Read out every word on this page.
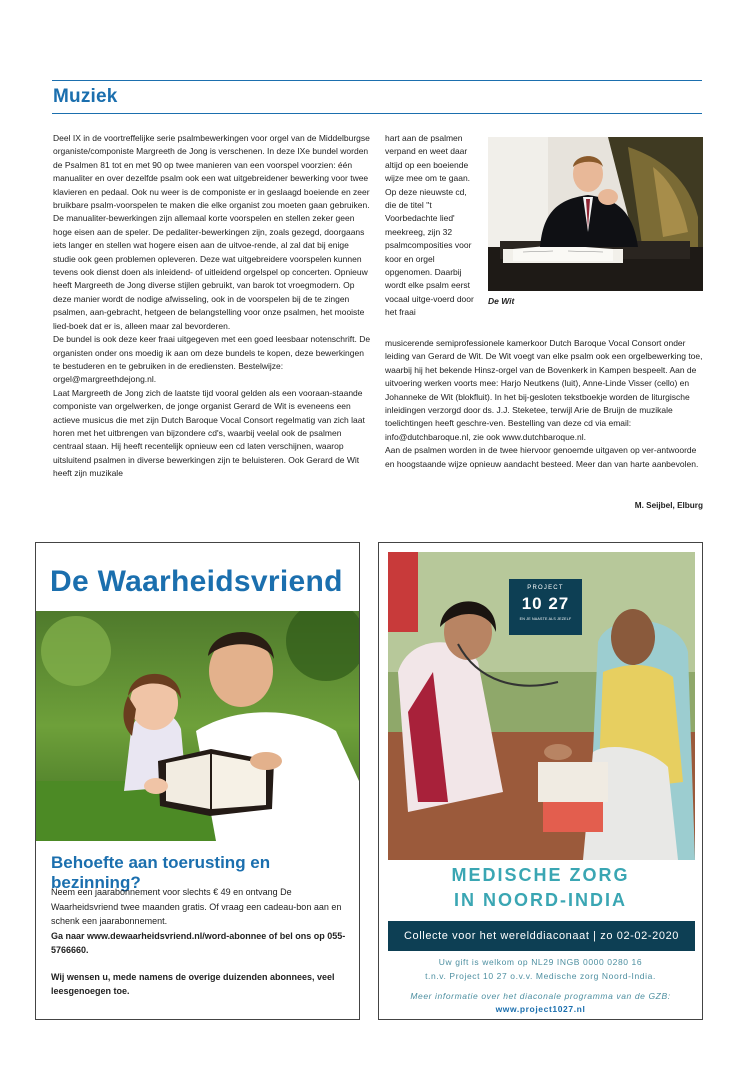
Muziek

Deel IX in de voortreffelijke serie psalmbewerkingen voor orgel van de Middelburgse organiste/componiste Margreeth de Jong is verschenen. In deze IXe bundel worden de Psalmen 81 tot en met 90 op twee manieren van een voorspel voorzien: één manualiter en over dezelfde psalm ook een wat uitgebreidener bewerking voor twee klavieren en pedaal. Ook nu weer is de componiste er in geslaagd boeiende en zeer bruikbare psalm-voorspelen te maken die elke organist zou moeten gaan gebruiken. De manualiter-bewerkingen zijn allemaal korte voorspelen en stellen zeker geen hoge eisen aan de speler. De pedaliter-bewerkingen zijn, zoals gezegd, doorgaans iets langer en stellen wat hogere eisen aan de uitvoe-rende, al zal dat bij enige studie ook geen problemen opleveren. Deze wat uitgebreidere voorspelen kunnen tevens ook dienst doen als inleidend- of uitleidend orgelspel op concerten. Opnieuw heeft Margreeth de Jong diverse stijlen gebruikt, van barok tot vroegmodern. Op deze manier wordt de nodige afwisseling, ook in de voorspelen bij de te zingen psalmen, aan-gebracht, hetgeen de belangstelling voor onze psalmen, het mooiste lied-boek dat er is, alleen maar zal bevorderen.

De bundel is ook deze keer fraai uitgegeven met een goed leesbaar notenschrift. De organisten onder ons moedig ik aan om deze bundels te kopen, deze bewerkingen te bestuderen en te gebruiken in de erediensten. Bestelwijze: orgel@margreethdejong.nl.

Laat Margreeth de Jong zich de laatste tijd vooral gelden als een vooraan-staande componiste van orgelwerken, de jonge organist Gerard de Wit is eveneens een actieve musicus die met zijn Dutch Baroque Vocal Consort regelmatig van zich laat horen met het uitbrengen van bijzondere cd's, waarbij veelal ook de psalmen centraal staan. Hij heeft recentelijk opnieuw een cd laten verschijnen, waarop uitsluitend psalmen in diverse bewerkingen zijn te beluisteren. Ook Gerard de Wit heeft zijn muzikale

hart aan de psalmen verpand en weet daar altijd op een boeiende wijze mee om te gaan. Op deze nieuwste cd, die de titel ''t Voorbedachte lied' meekreeg, zijn 32 psalmcomposities voor koor en orgel opgenomen. Daarbij wordt elke psalm eerst vocaal uitge-voerd door het fraai

De Wit

musicerende semiprofessionele kamerkoor Dutch Baroque Vocal Consort onder leiding van Gerard de Wit. De Wit voegt van elke psalm ook een orgelbewerking toe, waarbij hij het bekende Hinsz-orgel van de Bovenkerk in Kampen bespeelt. Aan de uitvoering werken voorts mee: Harjo Neutkens (luit), Anne-Linde Visser (cello) en Johanneke de Wit (blokfluit). In het bij-gesloten tekstboekje worden de liturgische inleidingen verzorgd door ds. J.J. Steketee, terwijl Arie de Bruijn de muzikale toelichtingen heeft geschre-ven. Bestelling van deze cd via email: info@dutchbaroque.nl, zie ook www.dutchbaroque.nl.

Aan de psalmen worden in de twee hiervoor genoemde uitgaven op ver-antwoorde en hoogstaande wijze opnieuw aandacht besteed. Meer dan van harte aanbevolen.

M. Seijbel, Elburg
De Waarheidsvriend
Behoefte aan toerusting en bezinning?
Neem een jaarabonnement voor slechts € 49 en ontvang De Waarheidsvriend twee maanden gratis. Of vraag een cadeau-bon aan en schenk een jaarabonnement.
Ga naar www.dewaarheidsvriend.nl/word-abonnee of bel ons op 055-5766660.
Wij wensen u, mede namens de overige duizenden abonnees, veel leesgenoegen toe.
PROJECT
10 27
EN JE NAASTE ALS JEZELF
MEDISCHE ZORG
IN NOORD-INDIA
Collecte voor het werelddiaconaat | zo 02-02-2020
Uw gift is welkom op NL29 INGB 0000 0280 16
t.n.v. Project 10 27 o.v.v. Medische zorg Noord-India.
Meer informatie over het diaconale programma van de GZB:
www.project1027.nl
